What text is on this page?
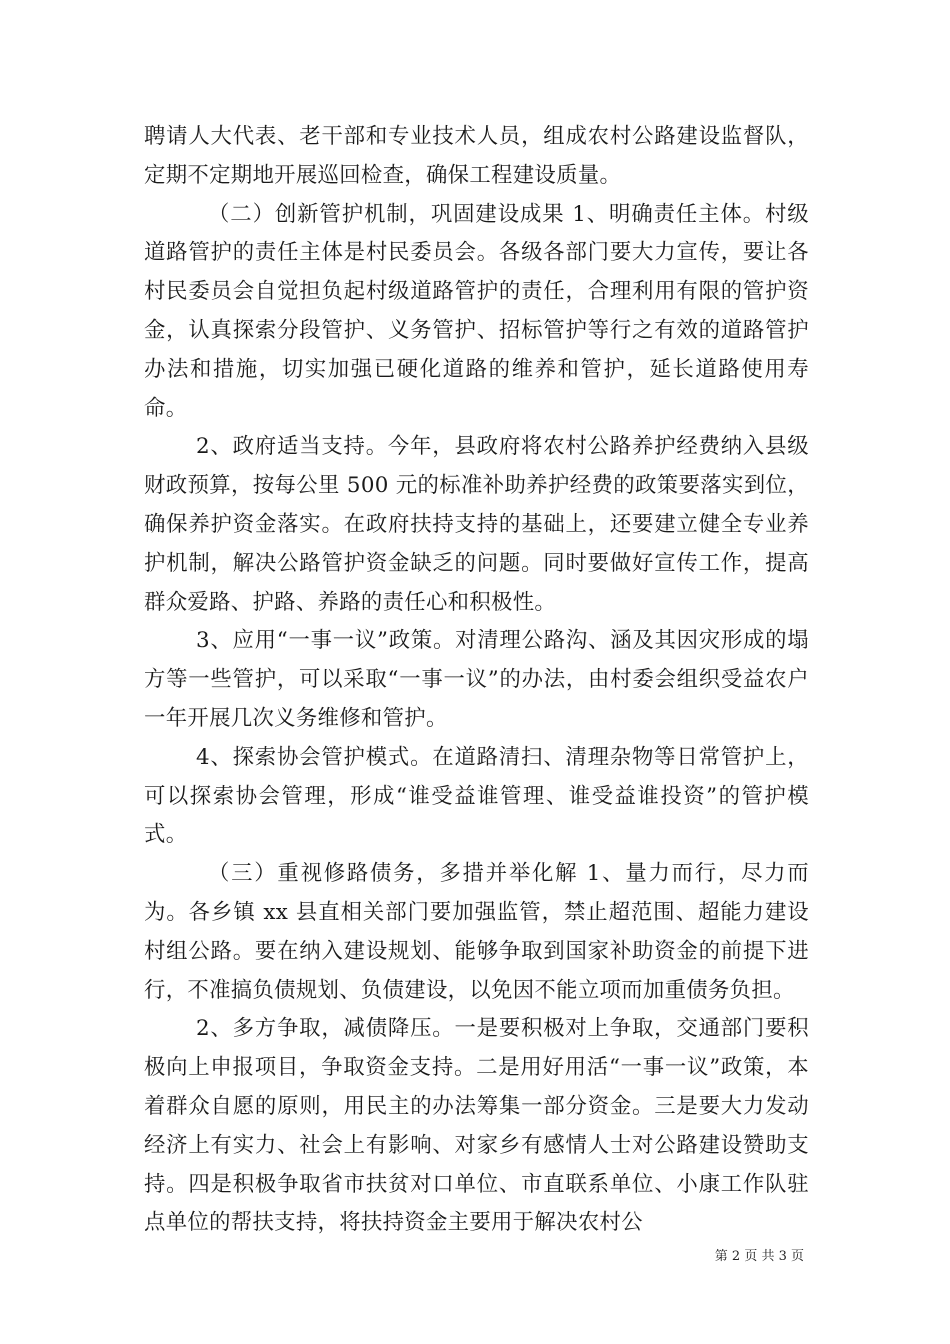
聘请人大代表、老干部和专业技术人员，组成农村公路建设监督队，定期不定期地开展巡回检查，确保工程建设质量。

（二）创新管护机制，巩固建设成果 1、明确责任主体。村级道路管护的责任主体是村民委员会。各级各部门要大力宣传，要让各村民委员会自觉担负起村级道路管护的责任，合理利用有限的管护资金，认真探索分段管护、义务管护、招标管护等行之有效的道路管护办法和措施，切实加强已硬化道路的维养和管护，延长道路使用寿命。

2、政府适当支持。今年，县政府将农村公路养护经费纳入县级财政预算，按每公里 500 元的标准补助养护经费的政策要落实到位，确保养护资金落实。在政府扶持支持的基础上，还要建立健全专业养护机制，解决公路管护资金缺乏的问题。同时要做好宣传工作，提高群众爱路、护路、养路的责任心和积极性。

3、应用“一事一议”政策。对清理公路沟、涵及其因灾形成的塌方等一些管护，可以采取“一事一议”的办法，由村委会组织受益农户一年开展几次义务维修和管护。

4、探索协会管护模式。在道路清扫、清理杂物等日常管护上，可以探索协会管理，形成“谁受益谁管理、谁受益谁投资”的管护模式。

（三）重视修路债务，多措并举化解 1、量力而行，尽力而为。各乡镇 xx 县直相关部门要加强监管，禁止超范围、超能力建设村组公路。要在纳入建设规划、能够争取到国家补助资金的前提下进行，不准搞负债规划、负债建设，以免因不能立项而加重债务负担。

2、多方争取，减债降压。一是要积极对上争取，交通部门要积极向上申报项目，争取资金支持。二是用好用活“一事一议”政策，本着群众自愿的原则，用民主的办法筹集一部分资金。三是要大力发动经济上有实力、社会上有影响、对家乡有感情人士对公路建设赞助支持。四是积极争取省市扶贫对口单位、市直联系单位、小康工作队驻点单位的帮扶支持，将扶持资金主要用于解决农村公

第 2 页 共 3 页
